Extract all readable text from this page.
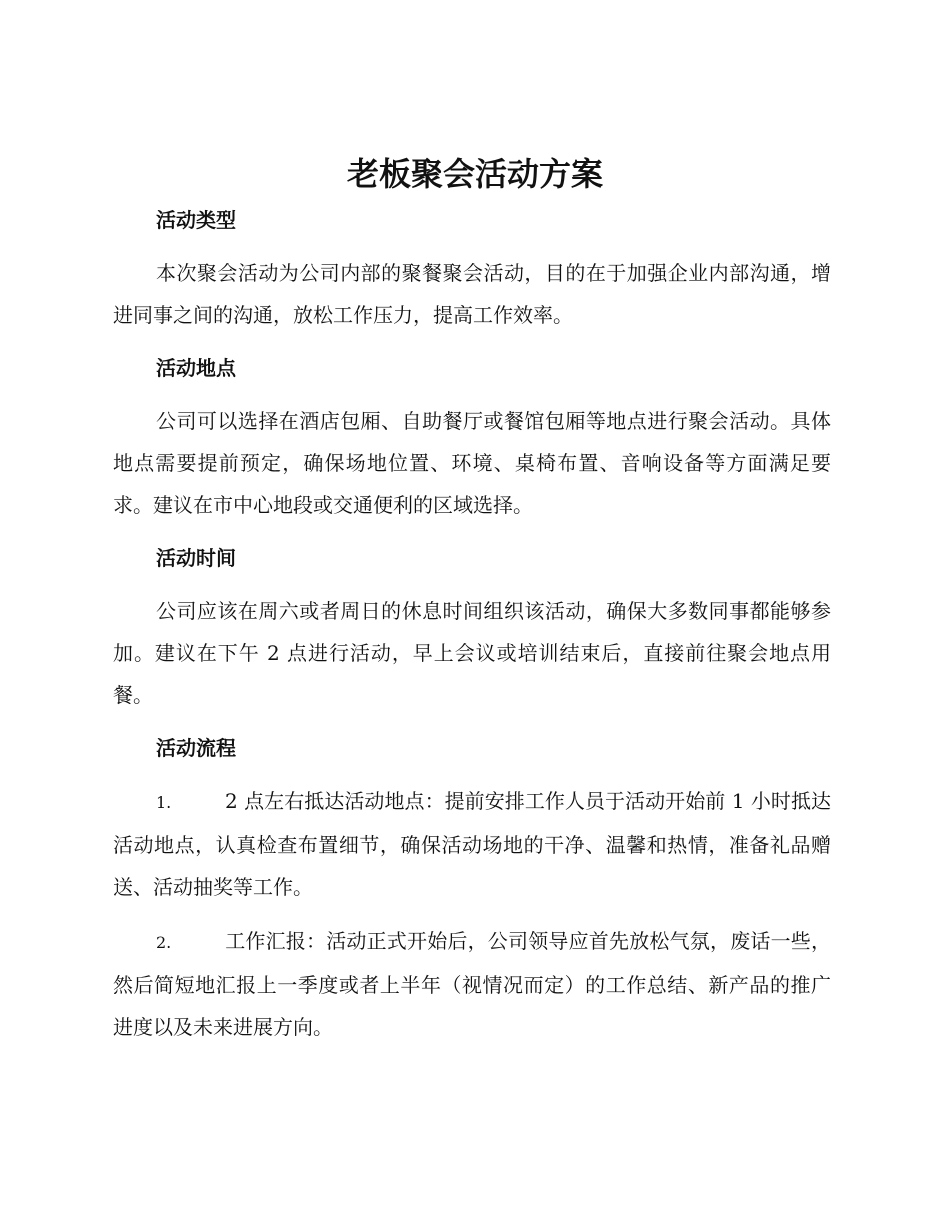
老板聚会活动方案
活动类型

本次聚会活动为公司内部的聚餐聚会活动，目的在于加强企业内部沟通，增进同事之间的沟通，放松工作压力，提高工作效率。

活动地点

公司可以选择在酒店包厢、自助餐厅或餐馆包厢等地点进行聚会活动。具体地点需要提前预定，确保场地位置、环境、桌椅布置、音响设备等方面满足要求。建议在市中心地段或交通便利的区域选择。

活动时间

公司应该在周六或者周日的休息时间组织该活动，确保大多数同事都能够参加。建议在下午 2 点进行活动，早上会议或培训结束后，直接前往聚会地点用餐。

活动流程

1.	2 点左右抵达活动地点：提前安排工作人员于活动开始前 1 小时抵达活动地点，认真检查布置细节，确保活动场地的干净、温馨和热情，准备礼品赠送、活动抽奖等工作。

2.	工作汇报：活动正式开始后，公司领导应首先放松气氛，废话一些，然后简短地汇报上一季度或者上半年（视情况而定）的工作总结、新产品的推广进度以及未来进展方向。
